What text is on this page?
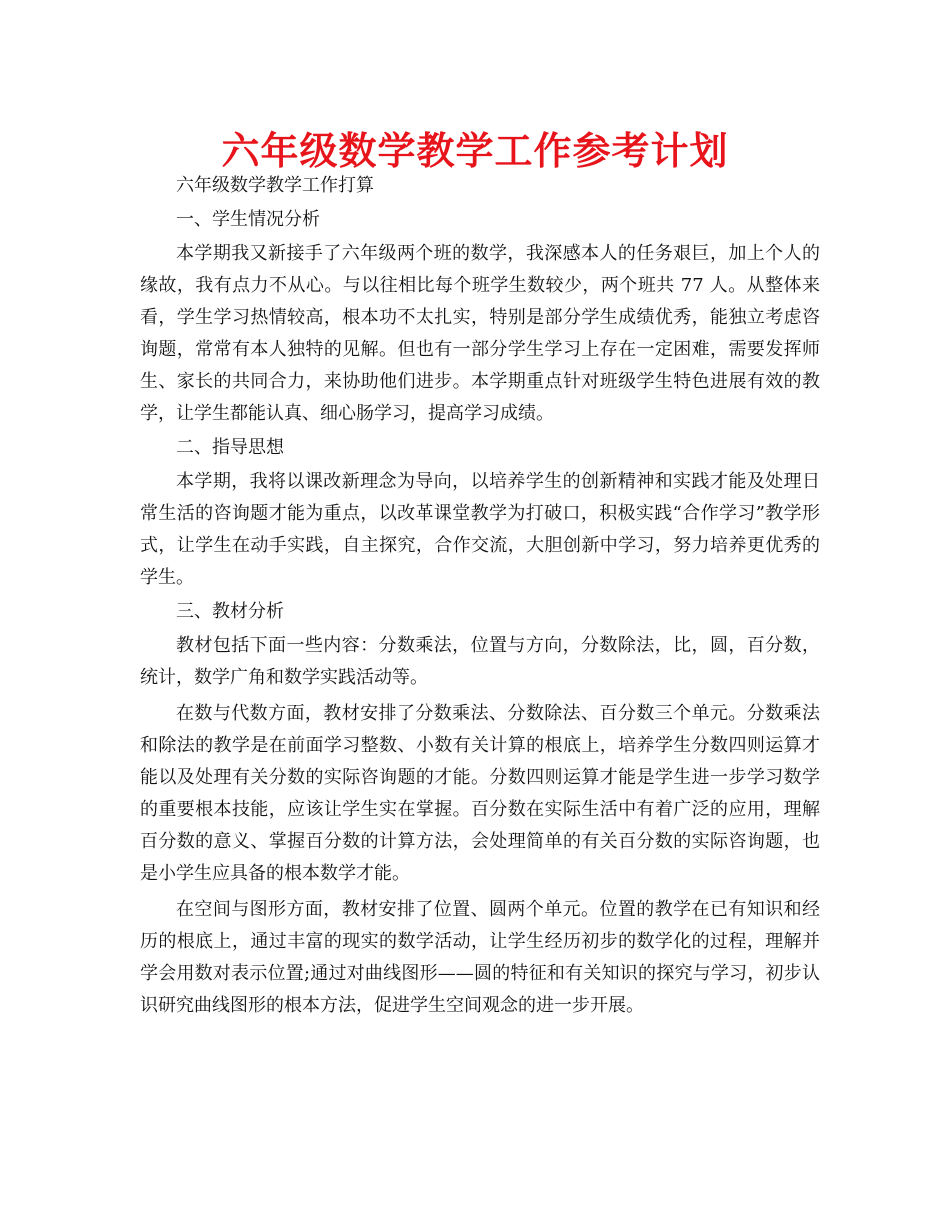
六年级数学教学工作参考计划

六年级数学教学工作打算

一、学生情况分析

本学期我又新接手了六年级两个班的数学，我深感本人的任务艰巨，加上个人的缘故，我有点力不从心。与以往相比每个班学生数较少，两个班共 77 人。从整体来看，学生学习热情较高，根本功不太扎实，特别是部分学生成绩优秀，能独立考虑咨询题，常常有本人独特的见解。但也有一部分学生学习上存在一定困难，需要发挥师生、家长的共同合力，来协助他们进步。本学期重点针对班级学生特色进展有效的教学，让学生都能认真、细心肠学习，提高学习成绩。

二、指导思想

本学期，我将以课改新理念为导向，以培养学生的创新精神和实践才能及处理日常生活的咨询题才能为重点，以改革课堂教学为打破口，积极实践“合作学习”教学形式，让学生在动手实践，自主探究，合作交流，大胆创新中学习，努力培养更优秀的学生。

三、教材分析

教材包括下面一些内容：分数乘法，位置与方向，分数除法，比，圆，百分数，统计，数学广角和数学实践活动等。

在数与代数方面，教材安排了分数乘法、分数除法、百分数三个单元。分数乘法和除法的教学是在前面学习整数、小数有关计算的根底上，培养学生分数四则运算才能以及处理有关分数的实际咨询题的才能。分数四则运算才能是学生进一步学习数学的重要根本技能，应该让学生实在掌握。百分数在实际生活中有着广泛的应用，理解百分数的意义、掌握百分数的计算方法，会处理简单的有关百分数的实际咨询题，也是小学生应具备的根本数学才能。

在空间与图形方面，教材安排了位置、圆两个单元。位置的教学在已有知识和经历的根底上，通过丰富的现实的数学活动，让学生经历初步的数学化的过程，理解并学会用数对表示位置;通过对曲线图形——圆的特征和有关知识的探究与学习，初步认识研究曲线图形的根本方法，促进学生空间观念的进一步开展。
